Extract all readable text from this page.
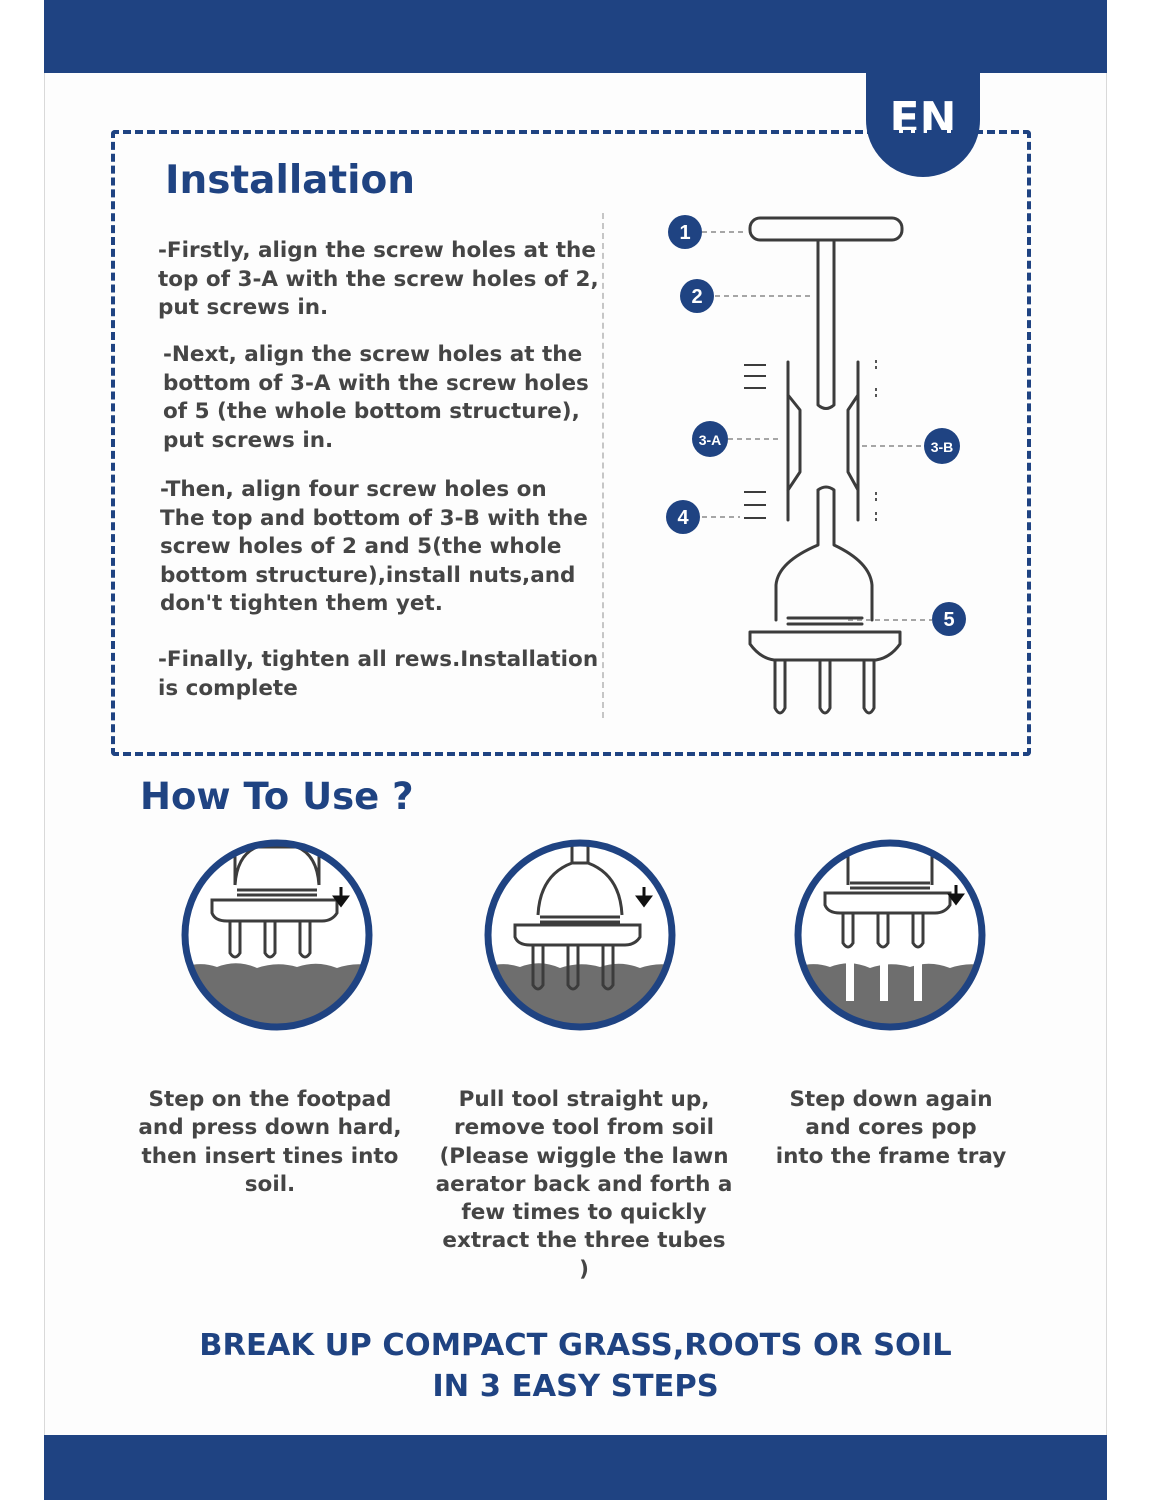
EN
Installation

-Firstly, align the screw holes at the
top of 3-A with the screw holes of 2,
put screws in.

-Next, align the screw holes at the
bottom of 3-A with the screw holes
of 5 (the whole bottom structure),
put screws in.

-Then, align four screw holes on
The top and bottom of 3-B with the
screw holes of 2 and 5(the whole
bottom structure),install nuts,and
don't tighten them yet.

-Finally, tighten all rews.Installation
is complete

1
2
3-A	3-B
4
5
How To Use ?

Step on the footpad
and press down hard,
then insert tines into
soil.

Pull tool straight up,
remove tool from soil
(Please wiggle the lawn
aerator back and forth a
few times to quickly
extract the three tubes )

Step down again
and cores pop
into the frame tray

BREAK UP COMPACT GRASS,ROOTS OR SOIL
IN 3 EASY STEPS
